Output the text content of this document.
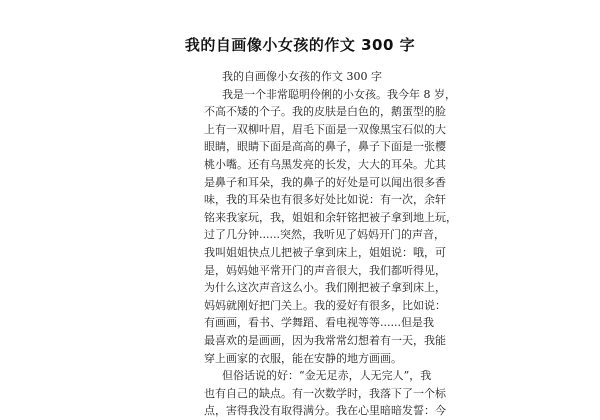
我的自画像小女孩的作文 300 字
我的自画像小女孩的作文 300 字
我是一个非常聪明伶俐的小女孩。我今年 8 岁，
不高不矮的个子。我的皮肤是白色的，鹅蛋型的脸
上有一双柳叶眉，眉毛下面是一双像黑宝石似的大
眼睛，眼睛下面是高高的鼻子，鼻子下面是一张樱
桃小嘴。还有乌黑发亮的长发，大大的耳朵。尤其
是鼻子和耳朵，我的鼻子的好处是可以闻出很多香
味，我的耳朵也有很多好处比如说：有一次，余轩
铭来我家玩，我，姐姐和余轩铭把被子拿到地上玩，
过了几分钟......突然，我听见了妈妈开门的声音，
我叫姐姐快点儿把被子拿到床上，姐姐说：哦，可
是，妈妈她平常开门的声音很大，我们都听得见，
为什么这次声音这么小。我们刚把被子拿到床上，
妈妈就刚好把门关上。我的爱好有很多，比如说：
有画画，看书、学舞蹈、看电视等等......但是我
最喜欢的是画画，因为我常常幻想着有一天，我能
穿上画家的衣服，能在安静的地方画画。
但俗话说的好：“金无足赤，人无完人”，我
也有自己的缺点。有一次数学时，我落下了一个标
点，害得我没有取得满分。我在心里暗暗发誓：今
